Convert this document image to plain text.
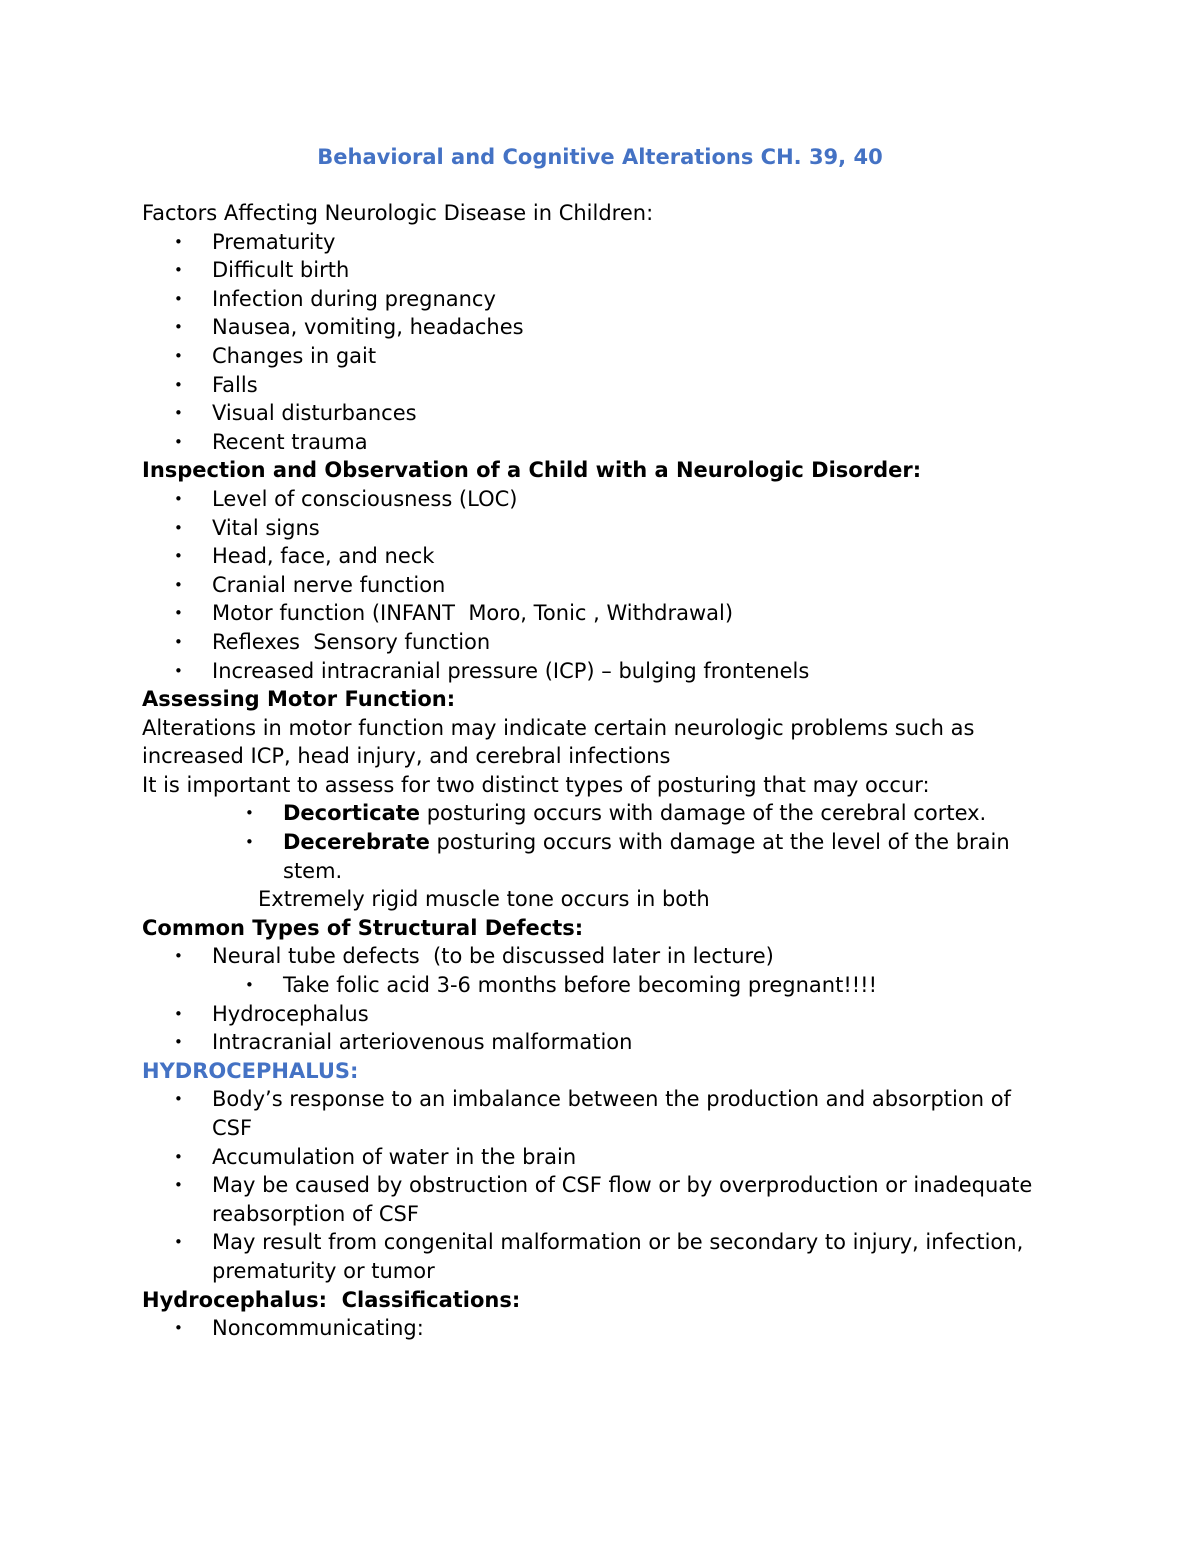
Behavioral and Cognitive Alterations CH. 39, 40

Factors Affecting Neurologic Disease in Children:

• Prematurity
• Difficult birth
• Infection during pregnancy
• Nausea, vomiting, headaches
• Changes in gait
• Falls
• Visual disturbances
• Recent trauma

Inspection and Observation of a Child with a Neurologic Disorder:

• Level of consciousness (LOC)
• Vital signs
• Head, face, and neck
• Cranial nerve function
• Motor function (INFANT  Moro, Tonic , Withdrawal)
• Reflexes  Sensory function
• Increased intracranial pressure (ICP) – bulging frontenels

Assessing Motor Function:

Alterations in motor function may indicate certain neurologic problems such as increased ICP, head injury, and cerebral infections

It is important to assess for two distinct types of posturing that may occur:

• Decorticate posturing occurs with damage of the cerebral cortex.
• Decerebrate posturing occurs with damage at the level of the brain stem.

Extremely rigid muscle tone occurs in both

Common Types of Structural Defects:

• Neural tube defects  (to be discussed later in lecture)
• Take folic acid 3-6 months before becoming pregnant!!!!
• Hydrocephalus
• Intracranial arteriovenous malformation

HYDROCEPHALUS:

• Body’s response to an imbalance between the production and absorption of CSF
• Accumulation of water in the brain
• May be caused by obstruction of CSF flow or by overproduction or inadequate reabsorption of CSF
• May result from congenital malformation or be secondary to injury, infection, prematurity or tumor

Hydrocephalus:  Classifications:

• Noncommunicating:
